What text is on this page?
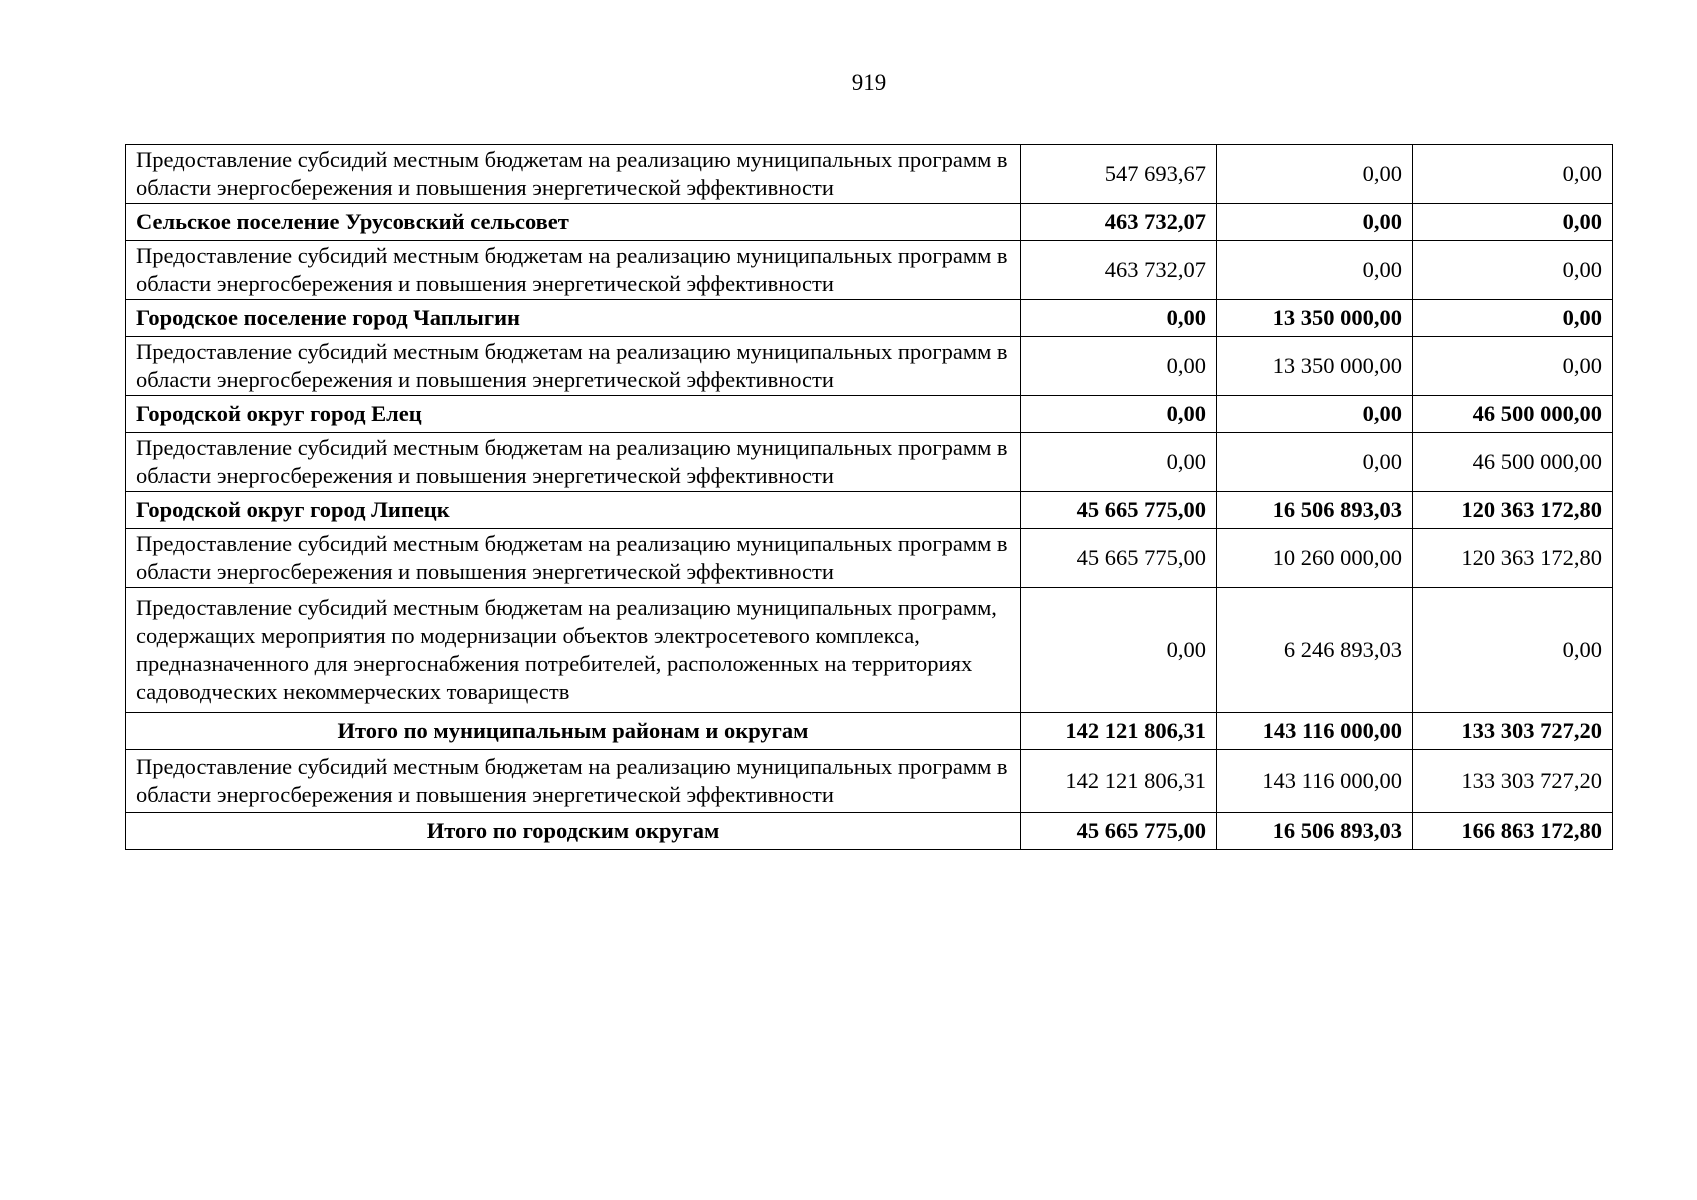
919
Предоставление субсидий местным бюджетам на реализацию муниципальных программ в области энергосбережения и повышения энергетической эффективности	547 693,67	0,00	0,00
Сельское поселение Урусовский сельсовет	463 732,07	0,00	0,00
Предоставление субсидий местным бюджетам на реализацию муниципальных программ в области энергосбережения и повышения энергетической эффективности	463 732,07	0,00	0,00
Городское поселение город Чаплыгин	0,00	13 350 000,00	0,00
Предоставление субсидий местным бюджетам на реализацию муниципальных программ в области энергосбережения и повышения энергетической эффективности	0,00	13 350 000,00	0,00
Городской округ город Елец	0,00	0,00	46 500 000,00
Предоставление субсидий местным бюджетам на реализацию муниципальных программ в области энергосбережения и повышения энергетической эффективности	0,00	0,00	46 500 000,00
Городской округ город Липецк	45 665 775,00	16 506 893,03	120 363 172,80
Предоставление субсидий местным бюджетам на реализацию муниципальных программ в области энергосбережения и повышения энергетической эффективности	45 665 775,00	10 260 000,00	120 363 172,80
Предоставление субсидий местным бюджетам на реализацию муниципальных программ, содержащих мероприятия по модернизации объектов электросетевого комплекса, предназначенного для энергоснабжения потребителей, расположенных на территориях садоводческих некоммерческих товариществ	0,00	6 246 893,03	0,00
Итого по муниципальным районам и округам	142 121 806,31	143 116 000,00	133 303 727,20
Предоставление субсидий местным бюджетам на реализацию муниципальных программ в области энергосбережения и повышения энергетической эффективности	142 121 806,31	143 116 000,00	133 303 727,20
Итого по городским округам	45 665 775,00	16 506 893,03	166 863 172,80
